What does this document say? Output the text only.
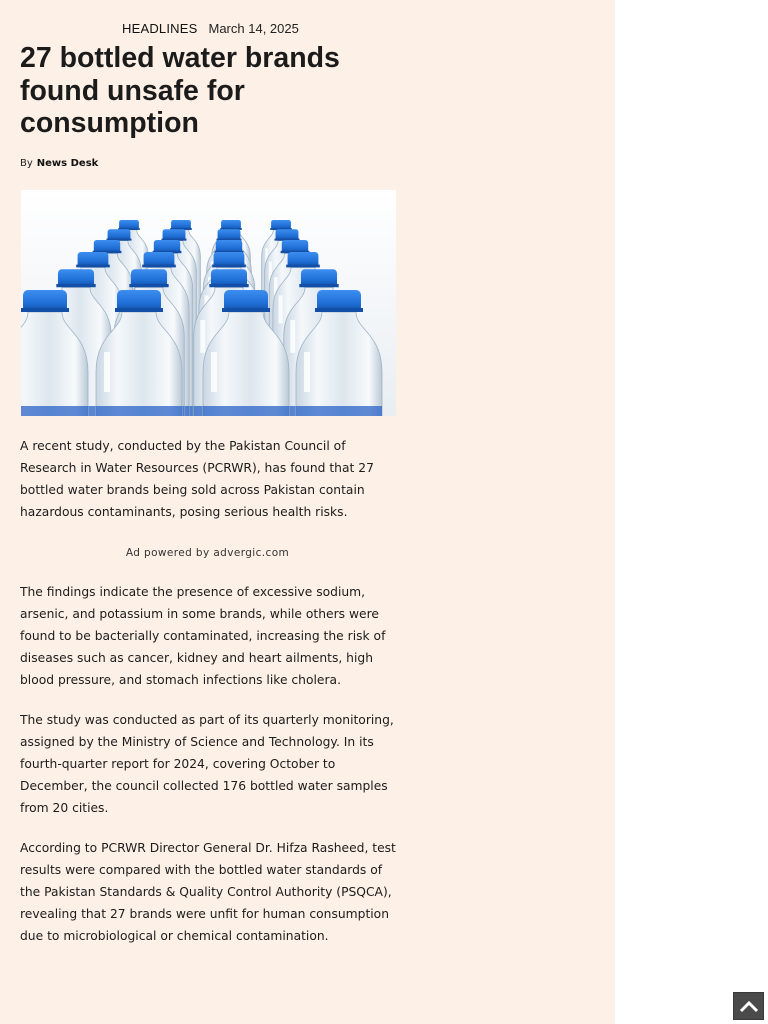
HEADLINES March 14, 2025
27 bottled water brands found unsafe for consumption
By News Desk

A recent study, conducted by the Pakistan Council of Research in Water Resources (PCRWR), has found that 27 bottled water brands being sold across Pakistan contain hazardous contaminants, posing serious health risks.

Ad powered by advergic.com

The findings indicate the presence of excessive sodium, arsenic, and potassium in some brands, while others were found to be bacterially contaminated, increasing the risk of diseases such as cancer, kidney and heart ailments, high blood pressure, and stomach infections like cholera.

The study was conducted as part of its quarterly monitoring, assigned by the Ministry of Science and Technology. In its fourth-quarter report for 2024, covering October to December, the council collected 176 bottled water samples from 20 cities.

According to PCRWR Director General Dr. Hifza Rasheed, test results were compared with the bottled water standards of the Pakistan Standards & Quality Control Authority (PSQCA), revealing that 27 brands were unfit for human consumption due to microbiological or chemical contamination.
